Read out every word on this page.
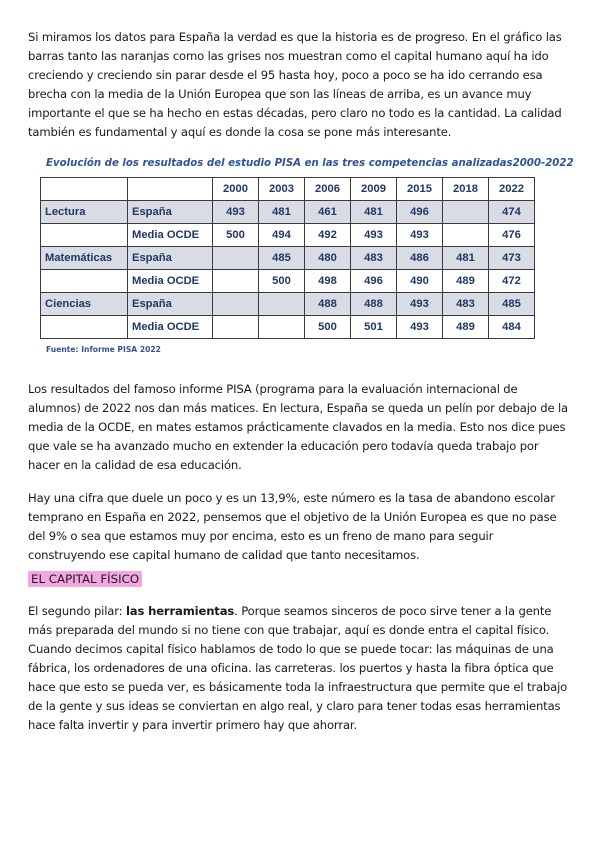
Si miramos los datos para España la verdad es que la historia es de progreso. En el gráfico las barras tanto las naranjas como las grises nos muestran como el capital humano aquí ha ido creciendo y creciendo sin parar desde el 95 hasta hoy, poco a poco se ha ido cerrando esa brecha con la media de la Unión Europea que son las líneas de arriba, es un avance muy importante el que se ha hecho en estas décadas, pero claro no todo es la cantidad. La calidad también es fundamental y aquí es donde la cosa se pone más interesante.

Evolución de los resultados del estudio PISA en las tres competencias analizadas2000-2022
		2000	2003	2006	2009	2015	2018	2022
Lectura	España	493	481	461	481	496		474
	Media OCDE	500	494	492	493	493		476
Matemáticas	España		485	480	483	486	481	473
	Media OCDE		500	498	496	490	489	472
Ciencias	España			488	488	493	483	485
	Media OCDE			500	501	493	489	484
Fuente: Informe PISA 2022

Los resultados del famoso informe PISA (programa para la evaluación internacional de alumnos) de 2022 nos dan más matices. En lectura, España se queda un pelín por debajo de la media de la OCDE, en mates estamos prácticamente clavados en la media. Esto nos dice pues que vale se ha avanzado mucho en extender la educación pero todavía queda trabajo por hacer en la calidad de esa educación.

Hay una cifra que duele un poco y es un 13,9%, este número es la tasa de abandono escolar temprano en España en 2022, pensemos que el objetivo de la Unión Europea es que no pase del 9% o sea que estamos muy por encima, esto es un freno de mano para seguir construyendo ese capital humano de calidad que tanto necesitamos.

EL CAPITAL FÍSICO

El segundo pilar: las herramientas. Porque seamos sinceros de poco sirve tener a la gente más preparada del mundo si no tiene con que trabajar, aquí es donde entra el capital físico. Cuando decimos capital físico hablamos de todo lo que se puede tocar: las máquinas de una fábrica, los ordenadores de una oficina. las carreteras. los puertos y hasta la fibra óptica que hace que esto se pueda ver, es básicamente toda la infraestructura que permite que el trabajo de la gente y sus ideas se conviertan en algo real, y claro para tener todas esas herramientas hace falta invertir y para invertir primero hay que ahorrar.
